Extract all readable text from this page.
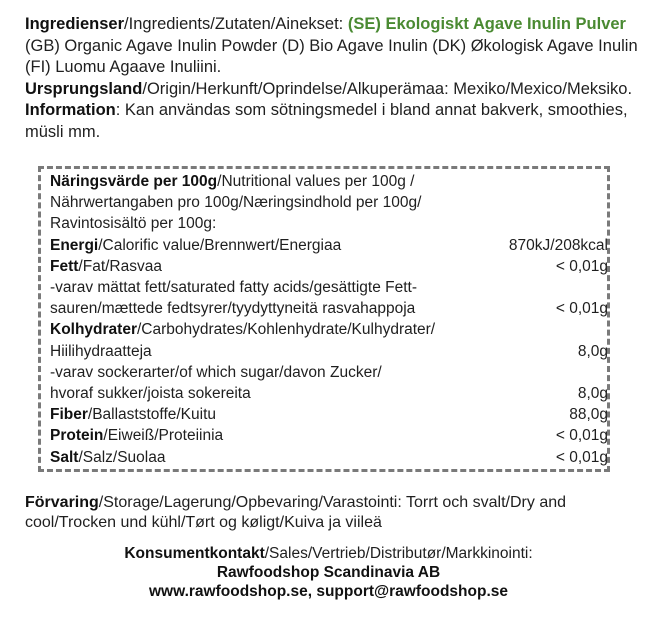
Ingredienser/Ingredients/Zutaten/Ainekset: (SE) Ekologiskt Agave Inulin Pulver (GB) Organic Agave Inulin Powder (D) Bio Agave Inulin (DK) Økologisk Agave Inulin (FI) Luomu Agaave Inuliini.
Ursprungsland/Origin/Herkunft/Oprindelse/Alkuperämaa: Mexiko/Mexico/Meksiko. Information: Kan användas som sötningsmedel i bland annat bakverk, smoothies, müsli mm.
Näringsvärde per 100g/Nutritional values per 100g /
Nährwertangaben pro 100g/Næringsindhold per 100g/
Ravintosisältö per 100g:
Energi/Calorific value/Brennwert/Energiaa	870kJ/208kcal
Fett/Fat/Rasvaa	< 0,01g
-varav mättat fett/saturated fatty acids/gesättigte Fett-
sauren/mættede fedtsyrer/tyydyttyneitä rasvahappoja	< 0,01g
Kolhydrater/Carbohydrates/Kohlenhydrate/Kulhydrater/
Hiilihydraatteja	8,0g
-varav sockerarter/of which sugar/davon Zucker/
hvoraf sukker/joista sokereita	8,0g
Fiber/Ballaststoffe/Kuitu	88,0g
Protein/Eiweiß/Proteiinia	< 0,01g
Salt/Salz/Suolaa	< 0,01g
Förvaring/Storage/Lagerung/Opbevaring/Varastointi: Torrt och svalt/Dry and cool/Trocken und kühl/Tørt og køligt/Kuiva ja viileä
Konsumentkontakt/Sales/Vertrieb/Distributør/Markkinointi:
Rawfoodshop Scandinavia AB
www.rawfoodshop.se, support@rawfoodshop.se
